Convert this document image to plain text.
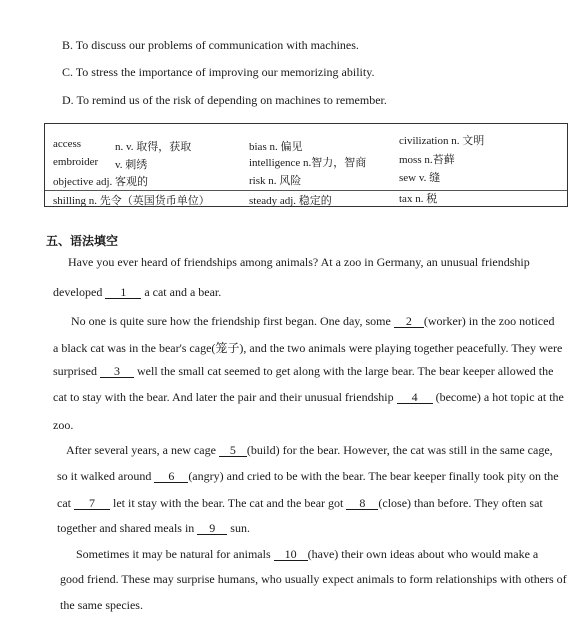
B. To discuss our problems of communication with machines.
C. To stress the importance of improving our memorizing ability.
D. To remind us of the risk of depending on machines to remember.
access	n. v. 取得，获取	bias n. 偏见	civilization n. 文明
embroider v. 刺绣	intelligence n.智力，智商	moss n.苔藓
objective adj. 客观的	risk n. 风险	sew v. 缝
shilling n. 先令（英国货币单位）	steady adj. 稳定的	tax n. 税
五、语法填空
Have you ever heard of friendships among animals? At a zoo in Germany, an unusual friendship
developed 1 a cat and a bear.
No one is quite sure how the friendship first began. One day, some 2 (worker) in the zoo noticed
a black cat was in the bear's cage(笼子), and the two animals were playing together peacefully. They were
surprised 3 well the small cat seemed to get along with the large bear. The bear keeper allowed the
cat to stay with the bear. And later the pair and their unusual friendship 4 (become) a hot topic at the
zoo.
After several years, a new cage 5 (build) for the bear. However, the cat was still in the same cage,
so it walked around 6 (angry) and cried to be with the bear. The bear keeper finally took pity on the
cat 7 let it stay with the bear. The cat and the bear got 8 (close) than before. They often sat
together and shared meals in 9 sun.
Sometimes it may be natural for animals 10 (have) their own ideas about who would make a
good friend. These may surprise humans, who usually expect animals to form relationships with others of
the same species.
